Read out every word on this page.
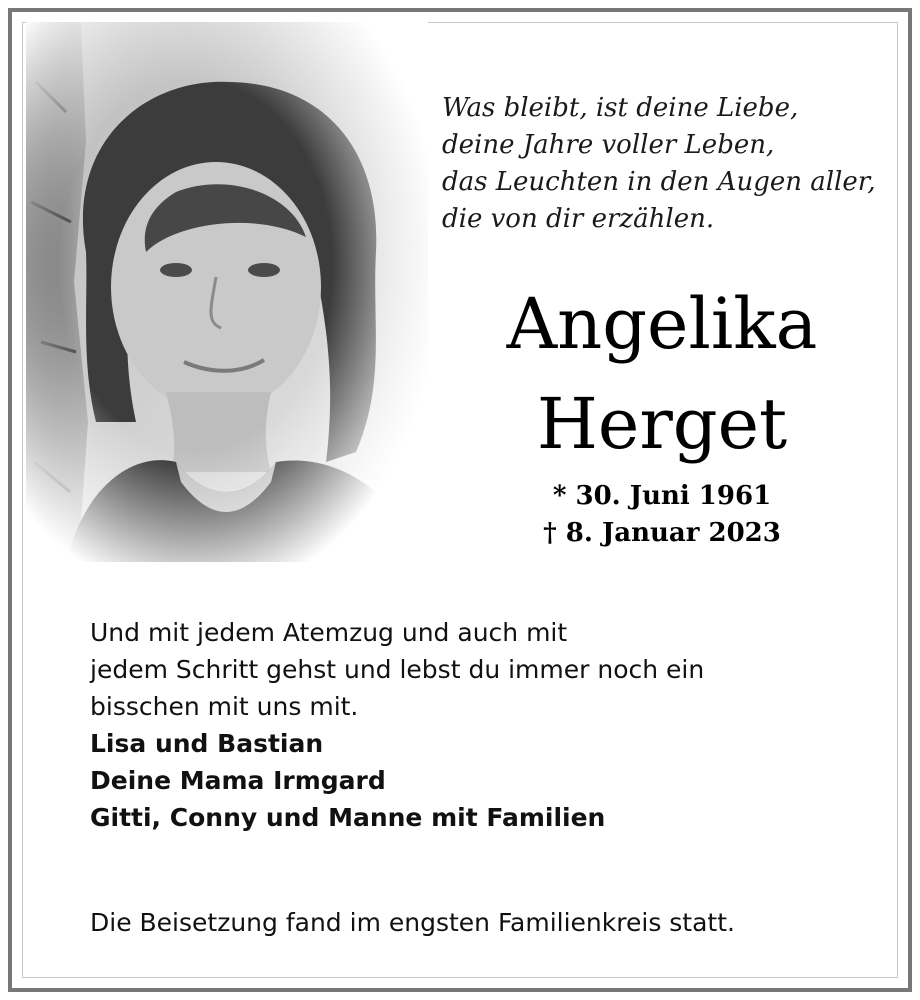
Was bleibt, ist deine Liebe,
deine Jahre voller Leben,
das Leuchten in den Augen aller,
die von dir erzählen.
Angelika
Herget
* 30. Juni 1961
† 8. Januar 2023
Und mit jedem Atemzug und auch mit
jedem Schritt gehst und lebst du immer noch ein
bisschen mit uns mit.
Lisa und Bastian
Deine Mama Irmgard
Gitti, Conny und Manne mit Familien
Die Beisetzung fand im engsten Familienkreis statt.
